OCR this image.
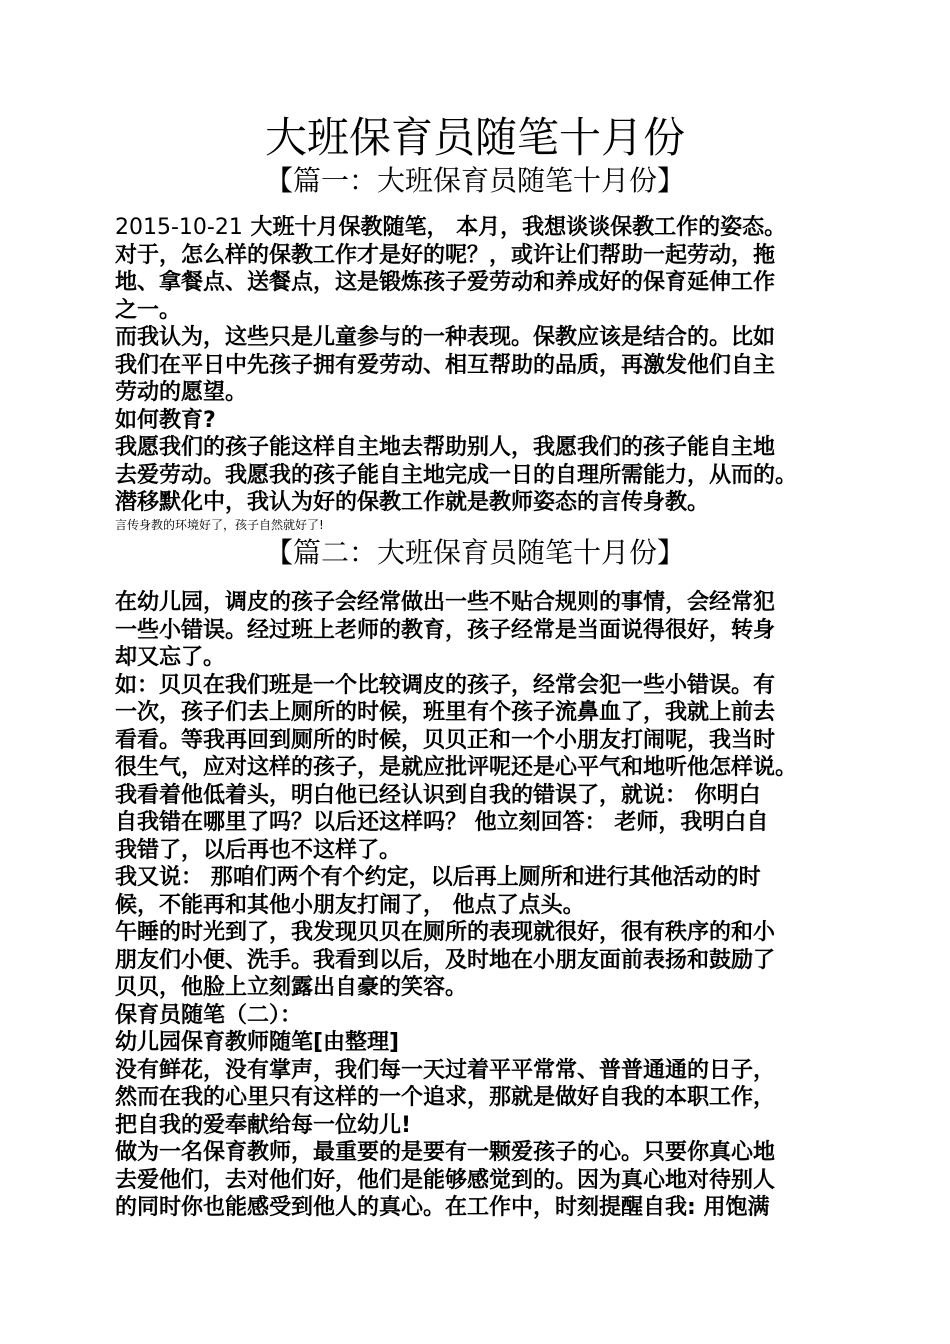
大班保育员随笔十月份
【篇一：大班保育员随笔十月份】

2015-10-21 大班十月保教随笔， 本月，我想谈谈保教工作的姿态。

对于，怎么样的保教工作才是好的呢？，或许让们帮助一起劳动，拖

地、拿餐点、送餐点，这是锻炼孩子爱劳动和养成好的保育延伸工作

之一。

而我认为，这些只是儿童参与的一种表现。保教应该是结合的。比如

我们在平日中先孩子拥有爱劳动、相互帮助的品质，再激发他们自主

劳动的愿望。

如何教育?

我愿我们的孩子能这样自主地去帮助别人，我愿我们的孩子能自主地

去爱劳动。我愿我的孩子能自主地完成一日的自理所需能力，从而的。

潜移默化中，我认为好的保教工作就是教师姿态的言传身教。

言传身教的环境好了，孩子自然就好了!
【篇二：大班保育员随笔十月份】

在幼儿园，调皮的孩子会经常做出一些不贴合规则的事情，会经常犯

一些小错误。经过班上老师的教育，孩子经常是当面说得很好，转身

却又忘了。

如：贝贝在我们班是一个比较调皮的孩子，经常会犯一些小错误。有

一次，孩子们去上厕所的时候，班里有个孩子流鼻血了，我就上前去

看看。等我再回到厕所的时候，贝贝正和一个小朋友打闹呢，我当时

很生气，应对这样的孩子，是就应批评呢还是心平气和地听他怎样说。

我看着他低着头，明白他已经认识到自我的错误了，就说： 你明白

自我错在哪里了吗？以后还这样吗？ 他立刻回答： 老师，我明白自

我错了，以后再也不这样了。

我又说： 那咱们两个有个约定，以后再上厕所和进行其他活动的时

候，不能再和其他小朋友打闹了， 他点了点头。

午睡的时光到了，我发现贝贝在厕所的表现就很好，很有秩序的和小

朋友们小便、洗手。我看到以后，及时地在小朋友面前表扬和鼓励了

贝贝，他脸上立刻露出自豪的笑容。

保育员随笔（二）：

幼儿园保育教师随笔[由整理]

没有鲜花，没有掌声，我们每一天过着平平常常、普普通通的日子，

然而在我的心里只有这样的一个追求，那就是做好自我的本职工作，

把自我的爱奉献给每一位幼儿!

做为一名保育教师，最重要的是要有一颗爱孩子的心。只要你真心地

去爱他们，去对他们好，他们是能够感觉到的。因为真心地对待别人

的同时你也能感受到他人的真心。在工作中，时刻提醒自我: 用饱满
